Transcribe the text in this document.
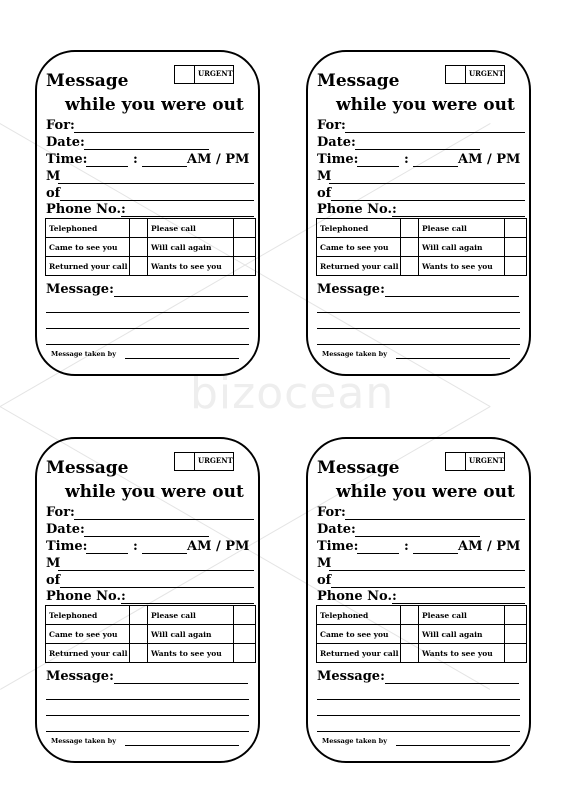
bizocean
Message	URGENT
while you were out
For:
Date:
Time:	:	AM / PM
M
of
Phone No.:
Telephoned		Please call	
Came to see you		Will call again	
Returned your call		Wants to see you	
Message:
Message taken by
Message	URGENT
while you were out
For:
Date:
Time:	:	AM / PM
M
of
Phone No.:
Telephoned		Please call	
Came to see you		Will call again	
Returned your call		Wants to see you	
Message:
Message taken by
Message	URGENT
while you were out
For:
Date:
Time:	:	AM / PM
M
of
Phone No.:
Telephoned		Please call	
Came to see you		Will call again	
Returned your call		Wants to see you	
Message:
Message taken by
Message	URGENT
while you were out
For:
Date:
Time:	:	AM / PM
M
of
Phone No.:
Telephoned		Please call	
Came to see you		Will call again	
Returned your call		Wants to see you	
Message:
Message taken by
